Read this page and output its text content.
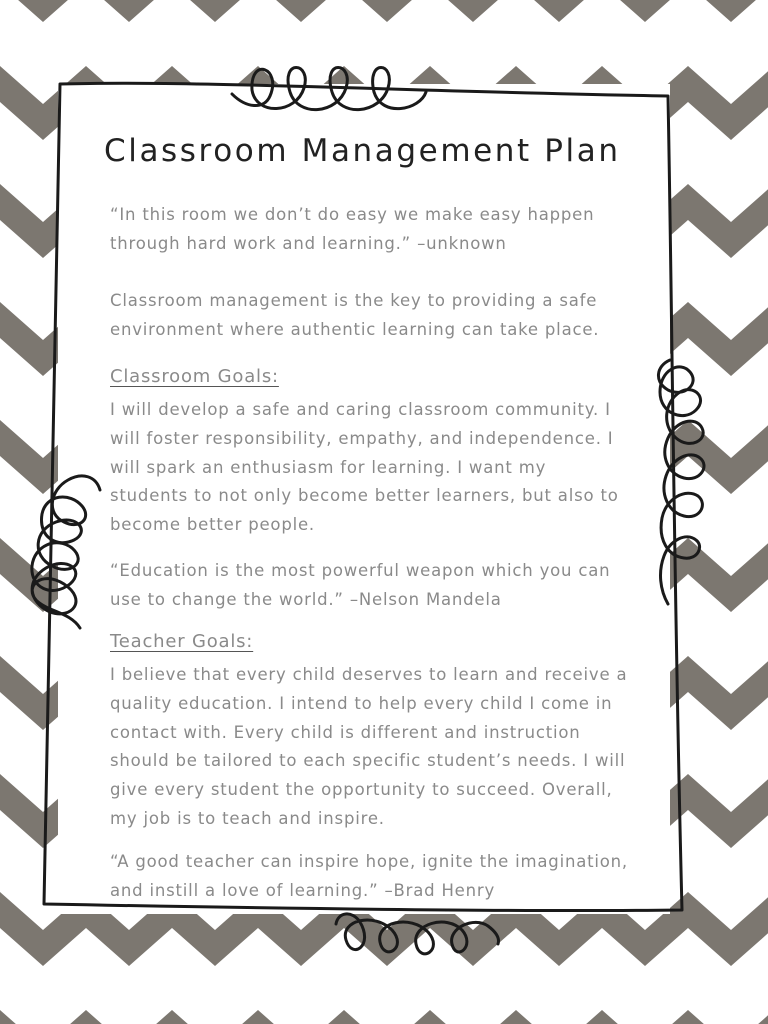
Classroom Management Plan
“In this room we don’t do easy we make easy happen through hard work and learning.” –unknown
Classroom management is the key to providing a safe environment where authentic learning can take place.
Classroom Goals:
I will develop a safe and caring classroom community. I will foster responsibility, empathy, and independence. I will spark an enthusiasm for learning. I want my students to not only become better learners, but also to become better people.
“Education is the most powerful weapon which you can use to change the world.” –Nelson Mandela
Teacher Goals:
I believe that every child deserves to learn and receive a quality education. I intend to help every child I come in contact with. Every child is different and instruction should be tailored to each specific student’s needs. I will give every student the opportunity to succeed. Overall, my job is to teach and inspire.
“A good teacher can inspire hope, ignite the imagination, and instill a love of learning.” –Brad Henry
